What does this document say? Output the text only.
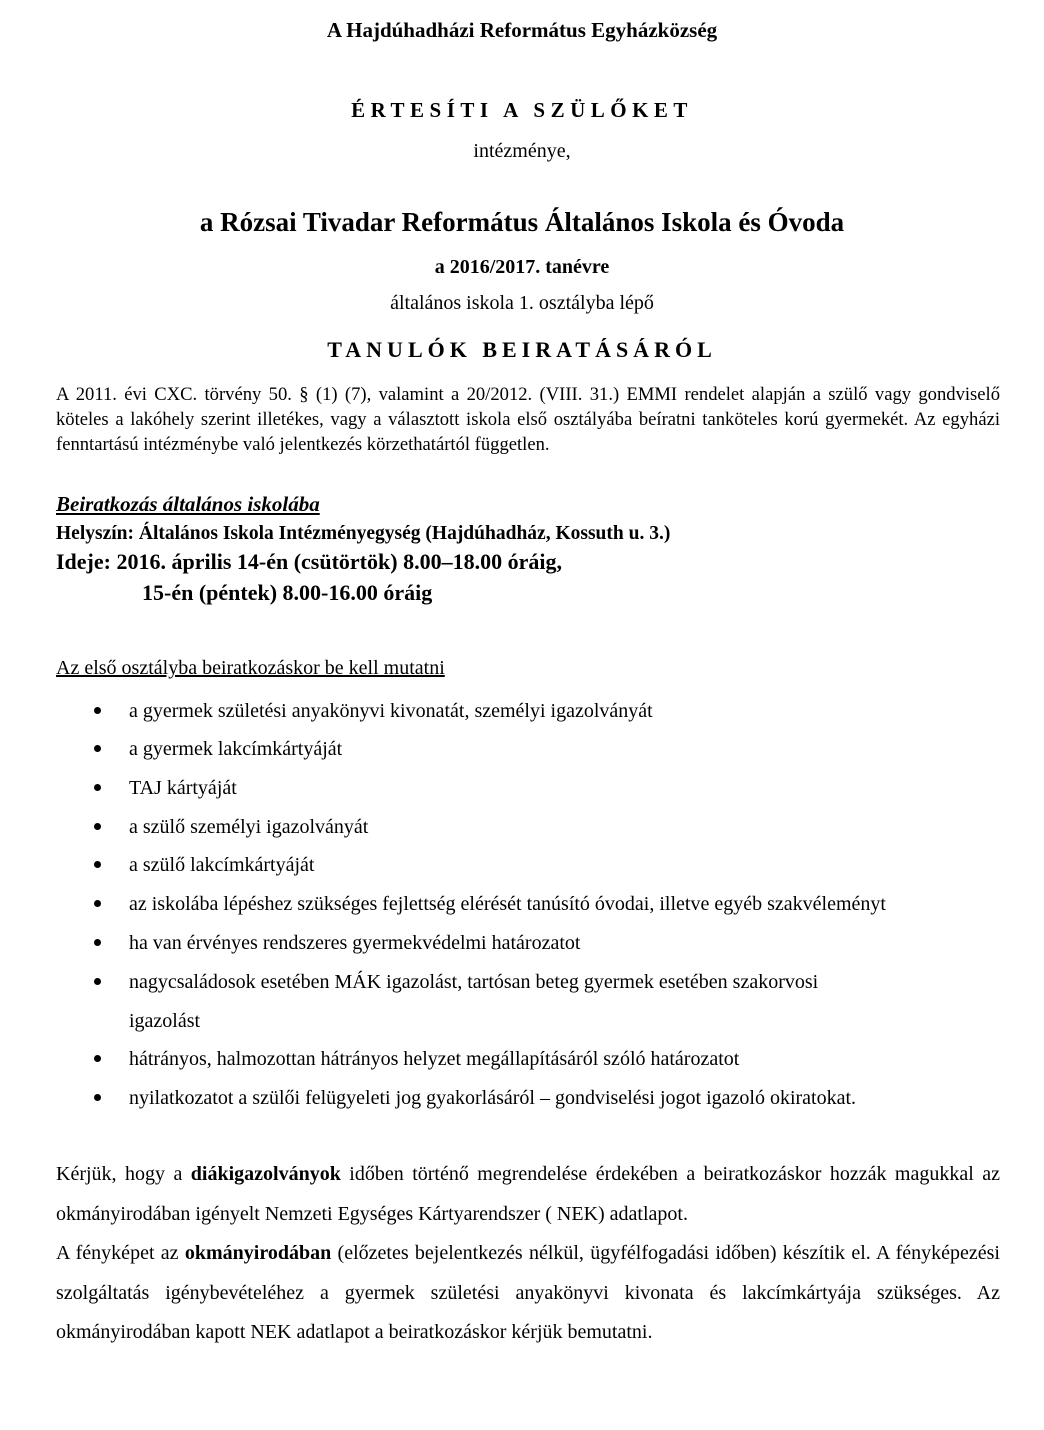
A Hajdúhadházi Református Egyházközség
ÉRTESÍTI A SZÜLŐKET
intézménye,
a Rózsai Tivadar Református Általános Iskola és Óvoda
a 2016/2017. tanévre
általános iskola 1. osztályba lépő
TANULÓK BEIRATÁSÁRÓL

A 2011. évi CXC. törvény 50. § (1) (7), valamint a 20/2012. (VIII. 31.) EMMI rendelet alapján a szülő vagy gondviselő köteles a lakóhely szerint illetékes, vagy a választott iskola első osztályába beíratni tanköteles korú gyermekét. Az egyházi fenntartású intézménybe való jelentkezés körzethatártól független.

Beiratkozás általános iskolába
Helyszín: Általános Iskola Intézményegység (Hajdúhadház, Kossuth u. 3.)
Ideje: 2016. április 14-én (csütörtök) 8.00–18.00 óráig,
15-én (péntek) 8.00-16.00 óráig
Az első osztályba beiratkozáskor be kell mutatni
a gyermek születési anyakönyvi kivonatát, személyi igazolványát
a gyermek lakcímkártyáját
TAJ kártyáját
a szülő személyi igazolványát
a szülő lakcímkártyáját
az iskolába lépéshez szükséges fejlettség elérését tanúsító óvodai, illetve egyéb szakvéleményt
ha van érvényes rendszeres gyermekvédelmi határozatot
nagycsaládosok esetében MÁK igazolást, tartósan beteg gyermek esetében szakorvosi
igazolást
hátrányos, halmozottan hátrányos helyzet megállapításáról szóló határozatot
nyilatkozatot a szülői felügyeleti jog gyakorlásáról – gondviselési jogot igazoló okiratokat.

Kérjük, hogy a diákigazolványok időben történő megrendelése érdekében a beiratkozáskor hozzák magukkal az okmányirodában igényelt Nemzeti Egységes Kártyarendszer ( NEK) adatlapot.

A fényképet az okmányirodában (előzetes bejelentkezés nélkül, ügyfélfogadási időben) készítik el. A fényképezési szolgáltatás igénybevételéhez a gyermek születési anyakönyvi kivonata és lakcímkártyája szükséges. Az okmányirodában kapott NEK adatlapot a beiratkozáskor kérjük bemutatni.
